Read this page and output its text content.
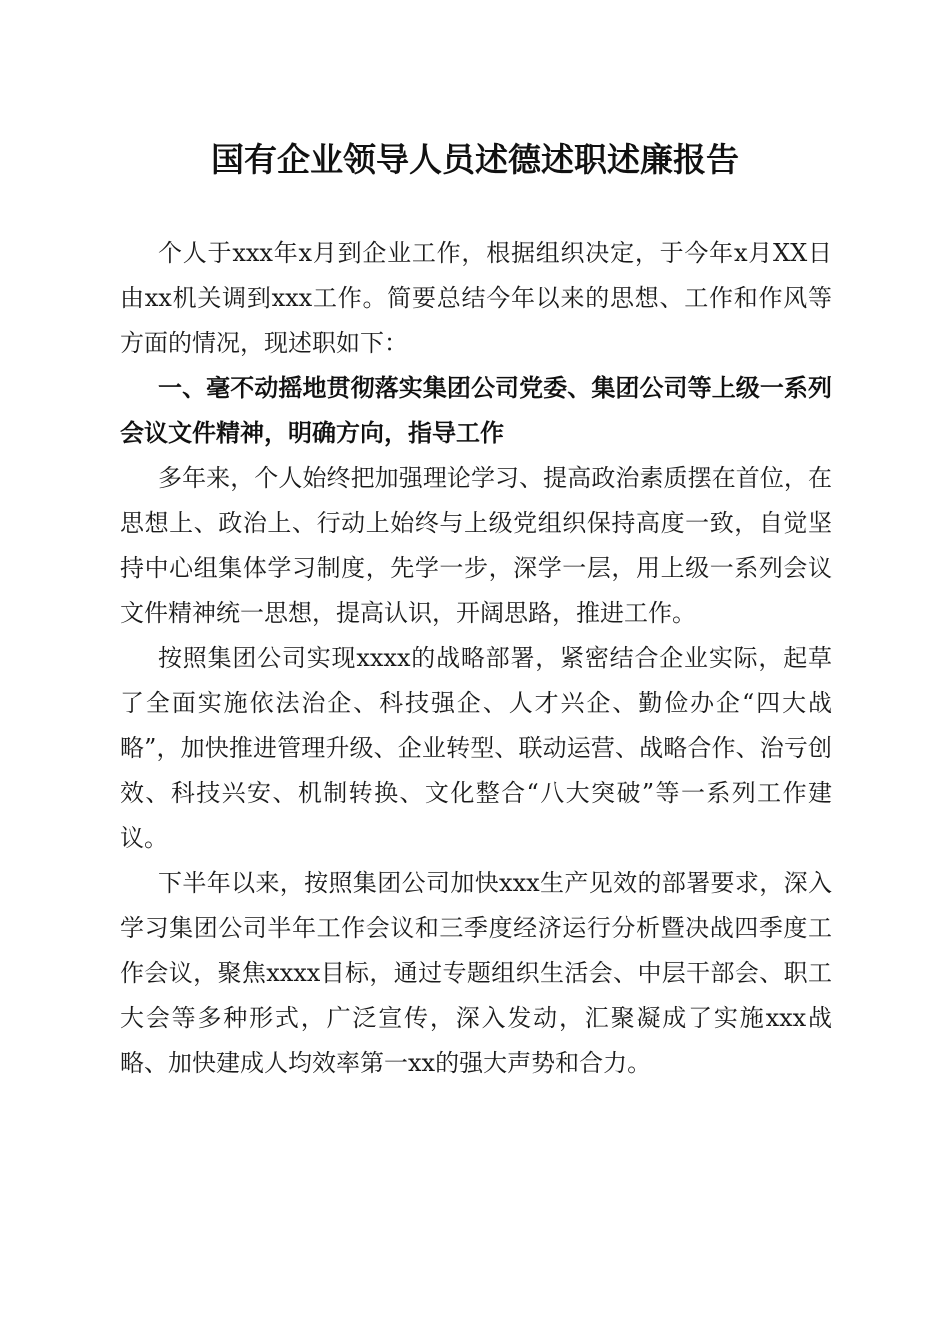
国有企业领导人员述德述职述廉报告

个人于xxx年x月到企业工作，根据组织决定，于今年x月XX日由xx机关调到xxx工作。简要总结今年以来的思想、工作和作风等方面的情况，现述职如下：

一、毫不动摇地贯彻落实集团公司党委、集团公司等上级一系列会议文件精神，明确方向，指导工作

多年来，个人始终把加强理论学习、提高政治素质摆在首位，在思想上、政治上、行动上始终与上级党组织保持高度一致，自觉坚持中心组集体学习制度，先学一步，深学一层，用上级一系列会议文件精神统一思想，提高认识，开阔思路，推进工作。

按照集团公司实现xxxx的战略部署，紧密结合企业实际，起草了全面实施依法治企、科技强企、人才兴企、勤俭办企“四大战略”，加快推进管理升级、企业转型、联动运营、战略合作、治亏创效、科技兴安、机制转换、文化整合“八大突破”等一系列工作建议。

下半年以来，按照集团公司加快xxx生产见效的部署要求，深入学习集团公司半年工作会议和三季度经济运行分析暨决战四季度工作会议，聚焦xxxx目标，通过专题组织生活会、中层干部会、职工大会等多种形式，广泛宣传，深入发动，汇聚凝成了实施xxx战略、加快建成人均效率第一xx的强大声势和合力。
